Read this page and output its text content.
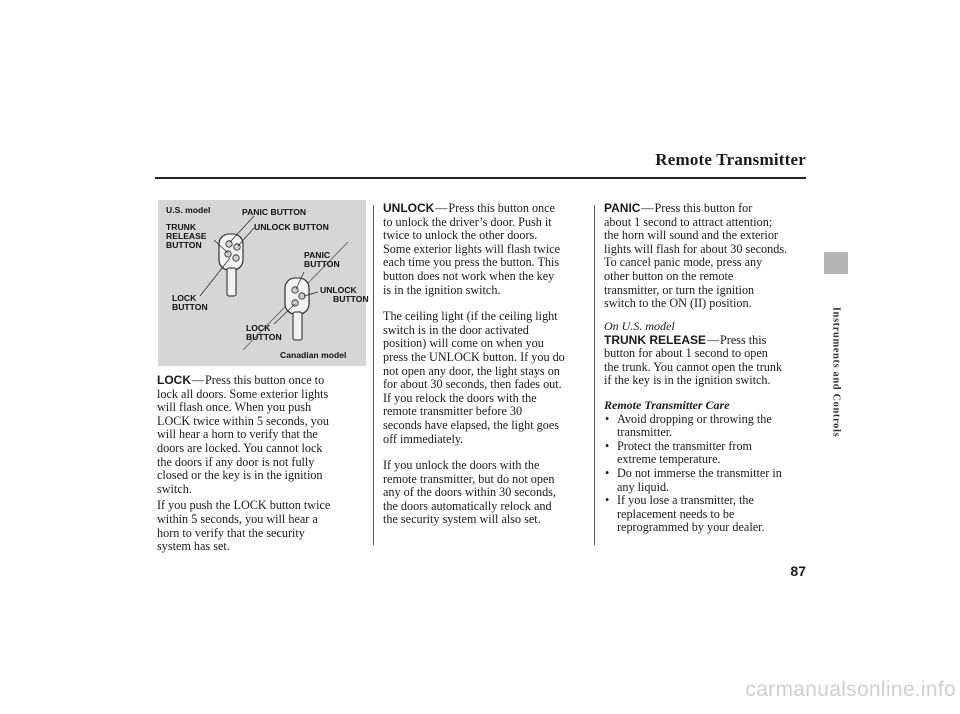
Remote Transmitter
Instruments and Controls
U.S. model	PANIC BUTTON
UNLOCK BUTTON
TRUNK
RELEASE
BUTTON
LOCK
BUTTON
PANIC
BUTTON
UNLOCK
BUTTON
LOCK
BUTTON
Canadian model
LOCK—Press this button once to
lock all doors. Some exterior lights
will flash once. When you push
LOCK twice within 5 seconds, you
will hear a horn to verify that the
doors are locked. You cannot lock
the doors if any door is not fully
closed or the key is in the ignition
switch.
If you push the LOCK button twice
within 5 seconds, you will hear a
horn to verify that the security
system has set.
UNLOCK—Press this button once
to unlock the driver’s door. Push it
twice to unlock the other doors.
Some exterior lights will flash twice
each time you press the button. This
button does not work when the key
is in the ignition switch.
The ceiling light (if the ceiling light
switch is in the door activated
position) will come on when you
press the UNLOCK button. If you do
not open any door, the light stays on
for about 30 seconds, then fades out.
If you relock the doors with the
remote transmitter before 30
seconds have elapsed, the light goes
off immediately.
If you unlock the doors with the
remote transmitter, but do not open
any of the doors within 30 seconds,
the doors automatically relock and
the security system will also set.
PANIC—Press this button for
about 1 second to attract attention;
the horn will sound and the exterior
lights will flash for about 30 seconds.
To cancel panic mode, press any
other button on the remote
transmitter, or turn the ignition
switch to the ON (II) position.
On U.S. model
TRUNK RELEASE—Press this
button for about 1 second to open
the trunk. You cannot open the trunk
if the key is in the ignition switch.
Remote Transmitter Care
• Avoid dropping or throwing the
transmitter.
• Protect the transmitter from
extreme temperature.
• Do not immerse the transmitter in
any liquid.
• If you lose a transmitter, the
replacement needs to be
reprogrammed by your dealer.
87
carmanualsonline.info
